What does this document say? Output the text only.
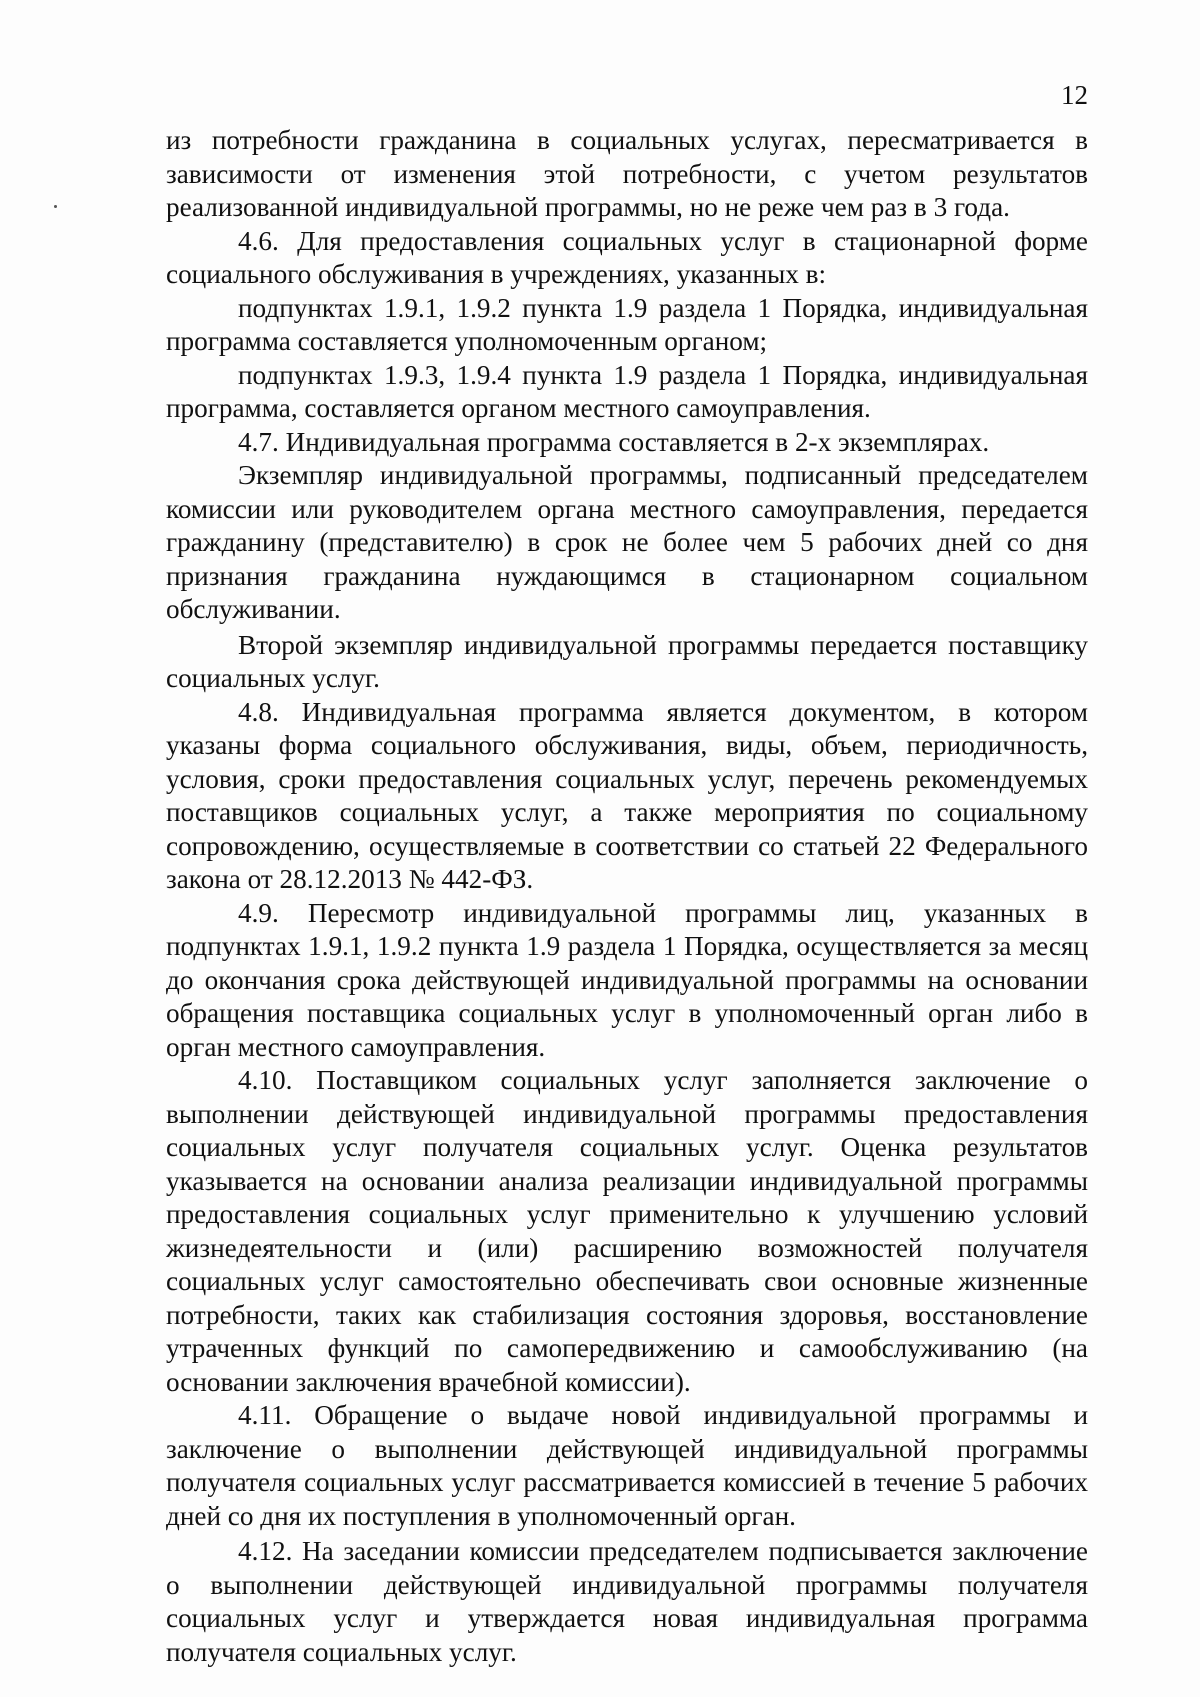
12

из потребности гражданина в социальных услугах, пересматривается в зависимости от изменения этой потребности, с учетом результатов реализованной индивидуальной программы, но не реже чем раз в 3 года.

4.6. Для предоставления социальных услуг в стационарной форме социального обслуживания в учреждениях, указанных в:

подпунктах 1.9.1, 1.9.2 пункта 1.9 раздела 1 Порядка, индивидуальная программа составляется уполномоченным органом;

подпунктах 1.9.3, 1.9.4 пункта 1.9 раздела 1 Порядка, индивидуальная программа, составляется органом местного самоуправления.

4.7. Индивидуальная программа составляется в 2-х экземплярах.

Экземпляр индивидуальной программы, подписанный председателем комиссии или руководителем органа местного самоуправления, передается гражданину (представителю) в срок не более чем 5 рабочих дней со дня признания гражданина нуждающимся в стационарном социальном обслуживании.

Второй экземпляр индивидуальной программы передается поставщику социальных услуг.

4.8. Индивидуальная программа является документом, в котором указаны форма социального обслуживания, виды, объем, периодичность, условия, сроки предоставления социальных услуг, перечень рекомендуемых поставщиков социальных услуг, а также мероприятия по социальному сопровождению, осуществляемые в соответствии со статьей 22 Федерального закона от 28.12.2013 № 442-ФЗ.

4.9. Пересмотр индивидуальной программы лиц, указанных в подпунктах 1.9.1, 1.9.2 пункта 1.9 раздела 1 Порядка, осуществляется за месяц до окончания срока действующей индивидуальной программы на основании обращения поставщика социальных услуг в уполномоченный орган либо в орган местного самоуправления.

4.10. Поставщиком социальных услуг заполняется заключение о выполнении действующей индивидуальной программы предоставления социальных услуг получателя социальных услуг. Оценка результатов указывается на основании анализа реализации индивидуальной программы предоставления социальных услуг применительно к улучшению условий жизнедеятельности и (или) расширению возможностей получателя социальных услуг самостоятельно обеспечивать свои основные жизненные потребности, таких как стабилизация состояния здоровья, восстановление утраченных функций по самопередвижению и самообслуживанию (на основании заключения врачебной комиссии).

4.11. Обращение о выдаче новой индивидуальной программы и заключение о выполнении действующей индивидуальной программы получателя социальных услуг рассматривается комиссией в течение 5 рабочих дней со дня их поступления в уполномоченный орган.

4.12. На заседании комиссии председателем подписывается заключение о выполнении действующей индивидуальной программы получателя социальных услуг и утверждается новая индивидуальная программа получателя социальных услуг.
